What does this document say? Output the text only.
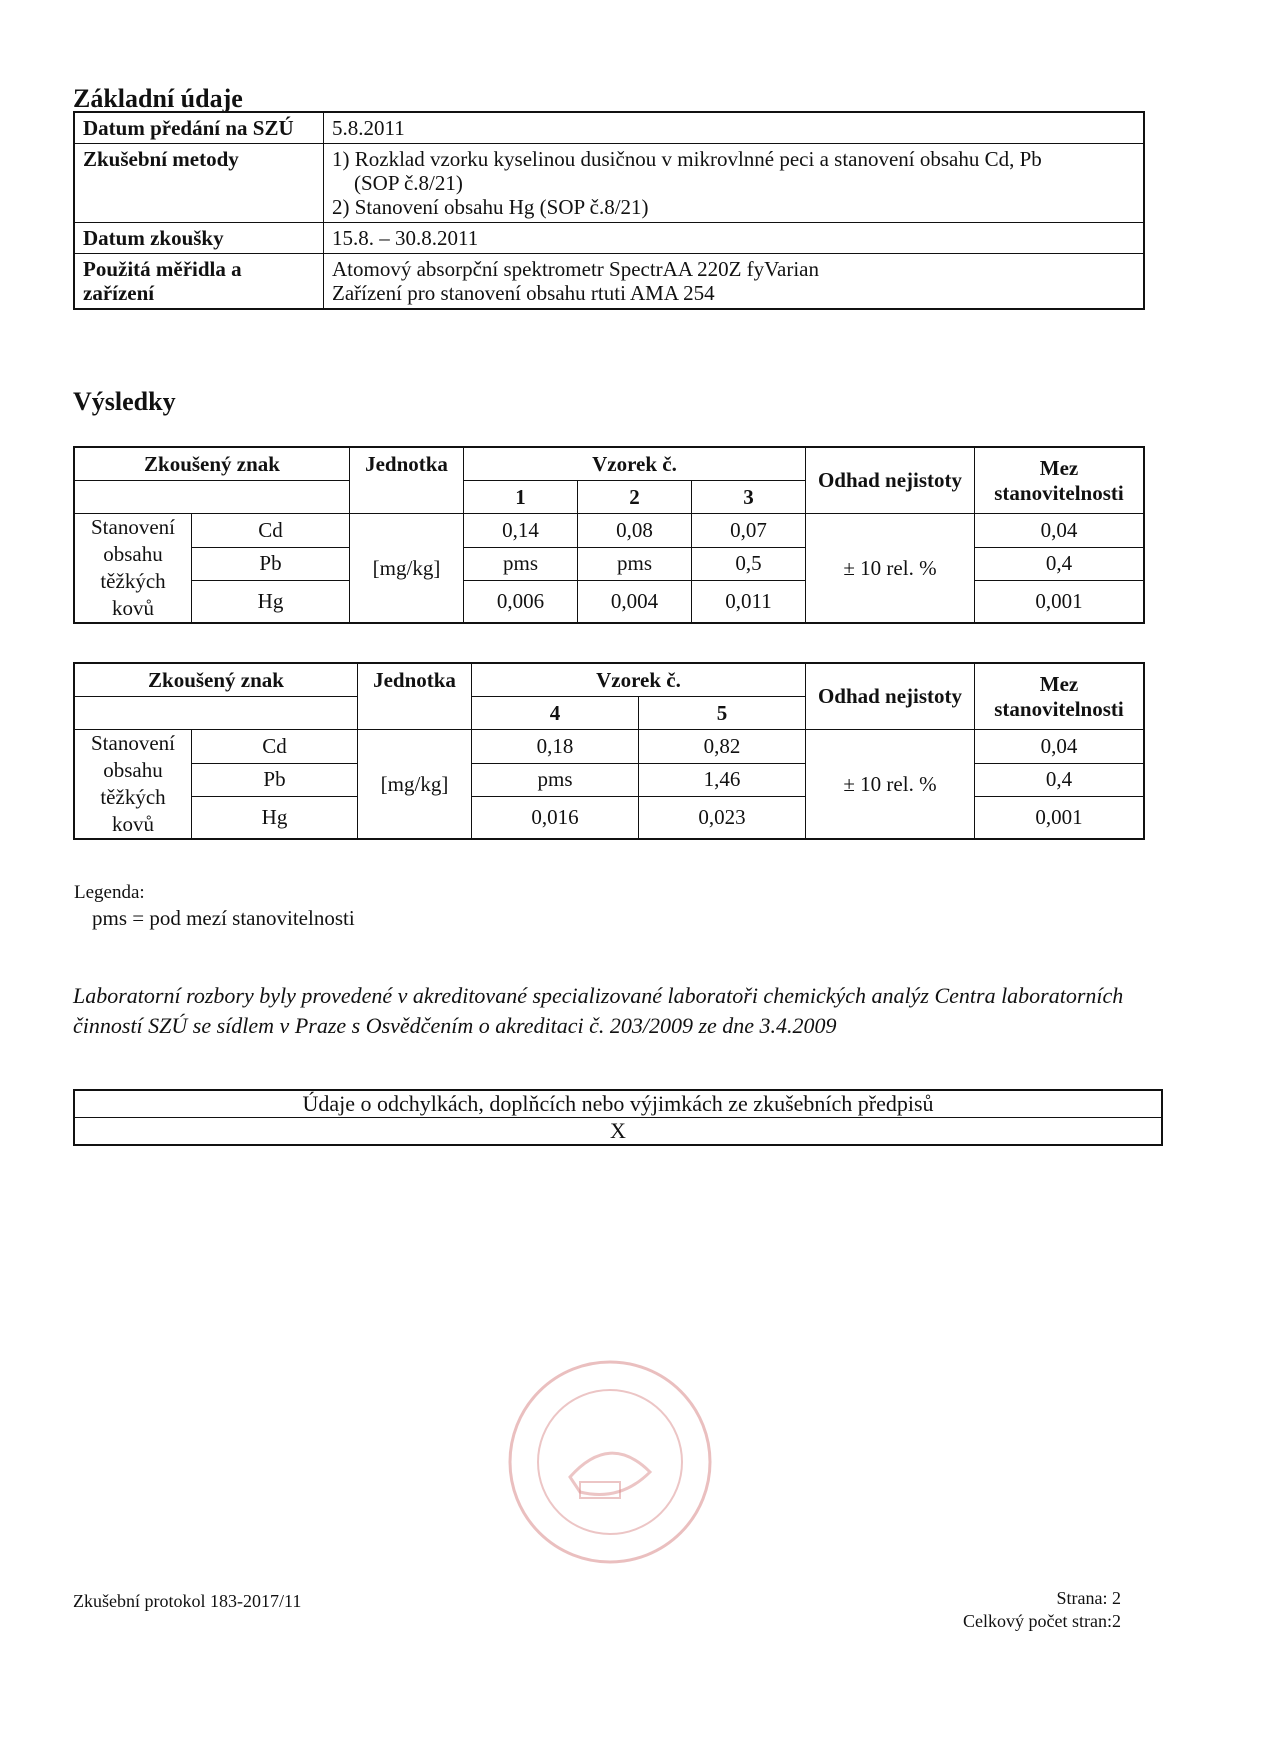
Základní údaje
Datum předání na SZÚ	5.8.2011

Zkušební metody	1) Rozklad vzorku kyselinou dusičnou v mikrovlnné peci a stanovení obsahu Cd, Pb
(SOP č.8/21)
2) Stanovení obsahu Hg (SOP č.8/21)

Datum zkoušky	15.8. – 30.8.2011

Použitá měřidla a zařízení	Atomový absorpční spektrometr SpectrAA 220Z fyVarian
Zařízení pro stanovení obsahu rtuti AMA 254
Výsledky
Zkoušený znak		Jednotka	Vzorek č.			Odhad nejistoty	Mez stanovitelnosti
			1	2	3		
Stanovení obsahu těžkých kovů	Cd	[mg/kg]	0,14	0,08	0,07	± 10 rel. %	0,04
	Pb		pms	pms	0,5		0,4
	Hg		0,006	0,004	0,011		0,001
Zkoušený znak		Jednotka	Vzorek č.		Odhad nejistoty	Mez stanovitelnosti
			4	5		
Stanovení obsahu těžkých kovů	Cd	[mg/kg]	0,18	0,82	± 10 rel. %	0,04
	Pb		pms	1,46		0,4
	Hg		0,016	0,023		0,001
Legenda:
pms = pod mezí stanovitelnosti
Laboratorní rozbory byly provedené v akreditované specializované laboratoři chemických analýz Centra laboratorních činností SZÚ se sídlem v Praze s Osvědčením o akreditaci č. 203/2009 ze dne 3.4.2009
Údaje o odchylkách, doplňcích nebo výjimkách ze zkušebních předpisů
X
Zkušební protokol 183-2017/11	Strana: 2
Celkový počet stran:2
